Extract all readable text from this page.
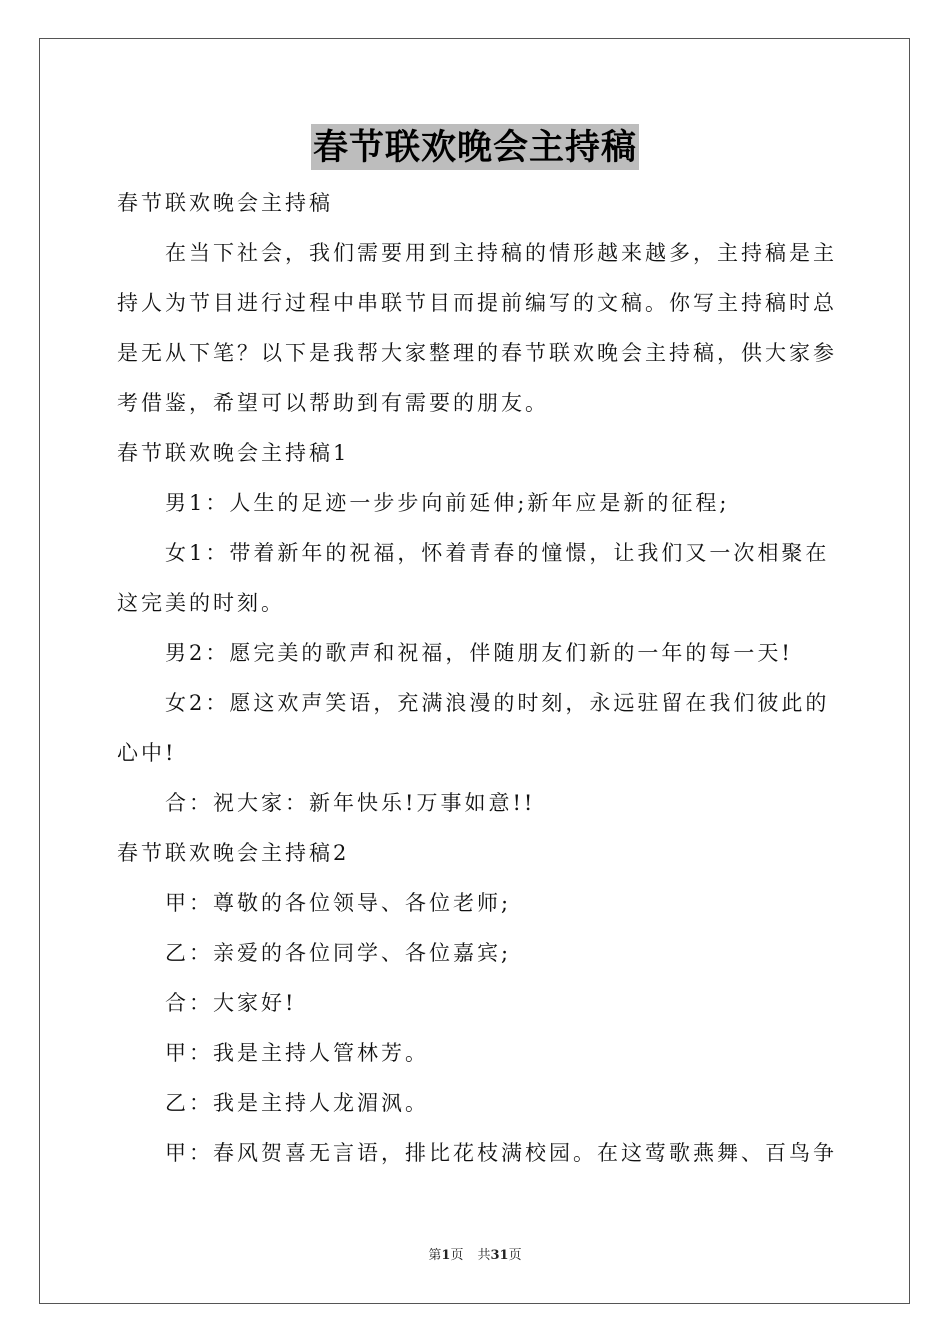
春节联欢晚会主持稿
春节联欢晚会主持稿
在当下社会，我们需要用到主持稿的情形越来越多，主持稿是主
持人为节目进行过程中串联节目而提前编写的文稿。你写主持稿时总
是无从下笔？以下是我帮大家整理的春节联欢晚会主持稿，供大家参
考借鉴，希望可以帮助到有需要的朋友。
春节联欢晚会主持稿1
男1：人生的足迹一步步向前延伸;新年应是新的征程;
女1：带着新年的祝福，怀着青春的憧憬，让我们又一次相聚在
这完美的时刻。
男2：愿完美的歌声和祝福，伴随朋友们新的一年的每一天!
女2：愿这欢声笑语，充满浪漫的时刻，永远驻留在我们彼此的
心中!
合：祝大家：新年快乐!万事如意!!
春节联欢晚会主持稿2
甲：尊敬的各位领导、各位老师;
乙：亲爱的各位同学、各位嘉宾;
合：大家好!
甲：我是主持人管林芳。
乙：我是主持人龙湄沨。
甲：春风贺喜无言语，排比花枝满校园。在这莺歌燕舞、百鸟争
第1页 共31页
